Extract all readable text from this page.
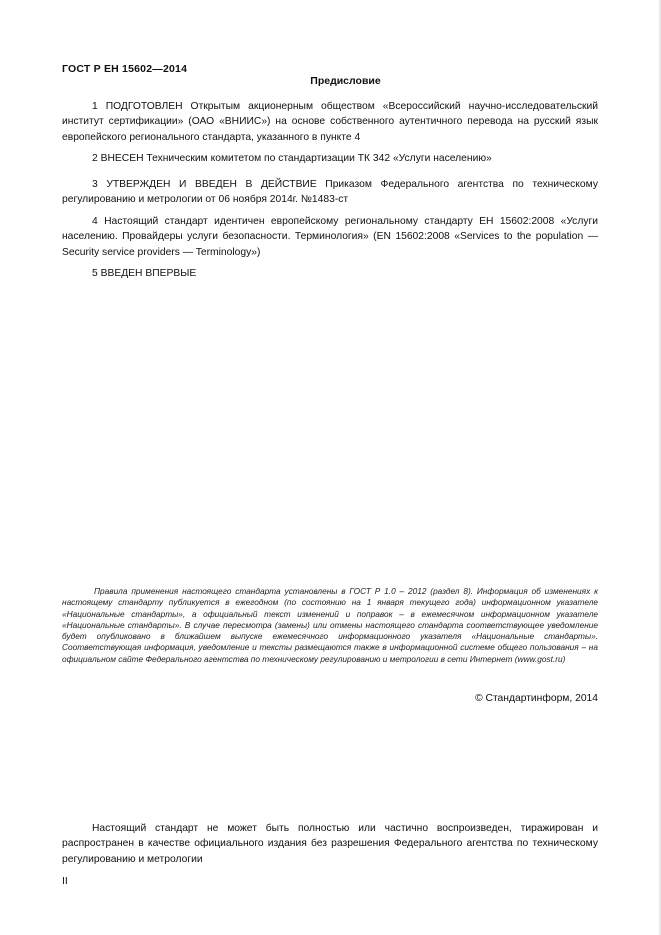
ГОСТ Р ЕН 15602—2014
Предисловие

1 ПОДГОТОВЛЕН Открытым акционерным обществом «Всероссийский научно-исследовательский институт сертификации» (ОАО «ВНИИС») на основе собственного аутентичного перевода на русский язык европейского регионального стандарта, указанного в пункте 4

2 ВНЕСЕН Техническим комитетом по стандартизации ТК 342 «Услуги населению»

3 УТВЕРЖДЕН И ВВЕДЕН В ДЕЙСТВИЕ Приказом Федерального агентства по техническому регулированию и метрологии от 06 ноября 2014г. №1483-ст

4 Настоящий стандарт идентичен европейскому региональному стандарту ЕН 15602:2008 «Услуги населению. Провайдеры услуги безопасности. Терминология» (EN 15602:2008 «Services to the population — Security service providers — Terminology»)

5 ВВЕДЕН ВПЕРВЫЕ

Правила применения настоящего стандарта установлены в ГОСТ Р 1.0 – 2012 (раздел 8). Информация об изменениях к настоящему стандарту публикуется в ежегодном (по состоянию на 1 января текущего года) информационном указателе «Национальные стандарты», а официальный текст изменений и поправок – в ежемесячном информационном указателе «Национальные стандарты». В случае пересмотра (замены) или отмены настоящего стандарта соответствующее уведомление будет опубликовано в ближайшем выпуске ежемесячного информационного указателя «Национальные стандарты». Соответствующая информация, уведомление и тексты размещаются также в информационной системе общего пользования – на официальном сайте Федерального агентства по техническому регулированию и метрологии в сети Интернет (www.gost.ru)

© Стандартинформ, 2014

Настоящий стандарт не может быть полностью или частично воспроизведен, тиражирован и распространен в качестве официального издания без разрешения Федерального агентства по техническому регулированию и метрологии

II
